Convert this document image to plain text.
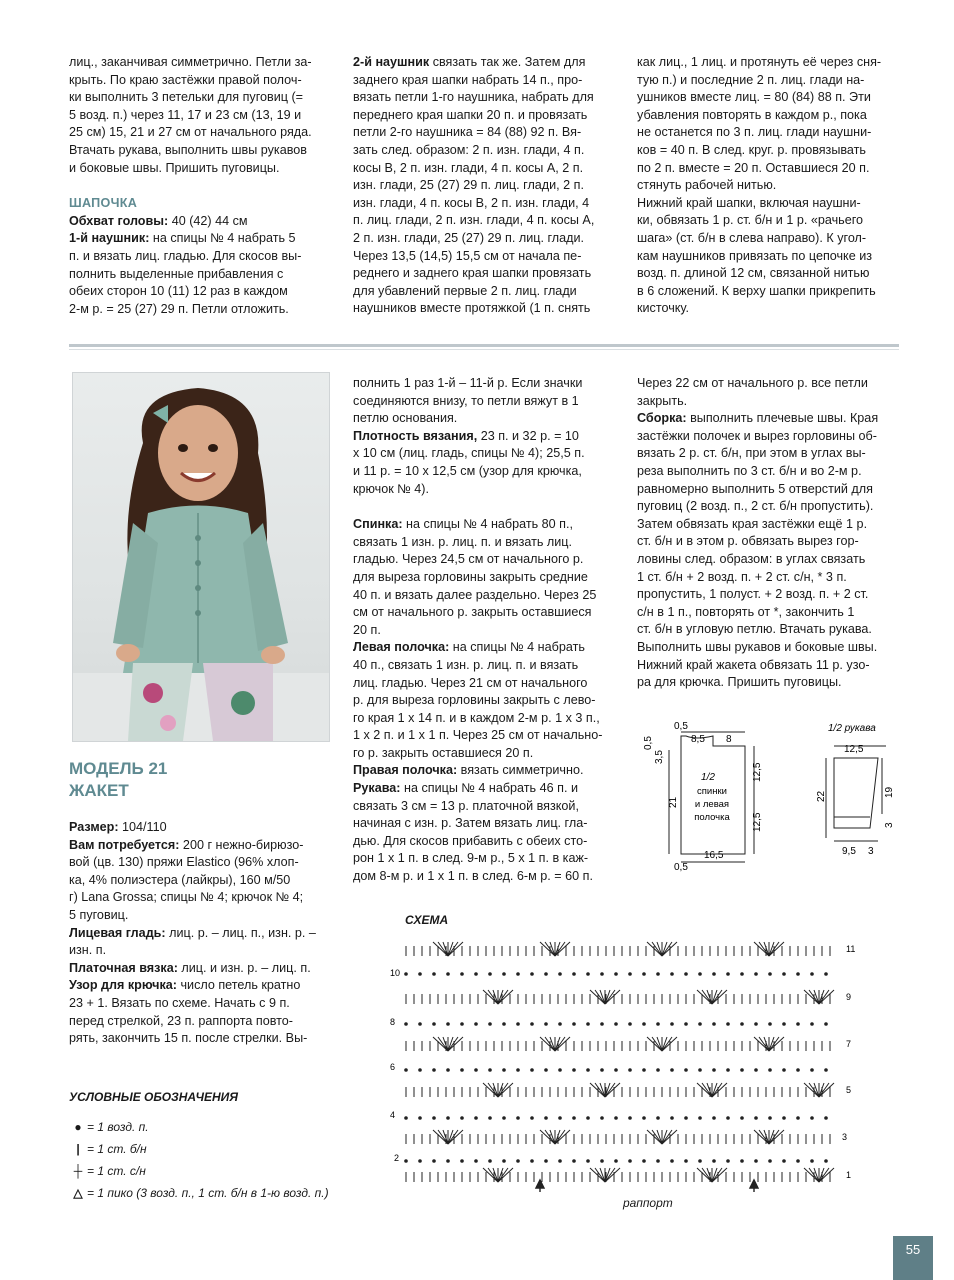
лиц., заканчивая симметрично. Петли за-

крыть. По краю застёжки правой полоч-

ки выполнить 3 петельки для пуговиц (=

5 возд. п.) через 11, 17 и 23 см (13, 19 и

25 см) 15, 21 и 27 см от начального ряда.

Втачать рукава, выполнить швы рукавов

и боковые швы. Пришить пуговицы.

ШАПОЧКА

Обхват головы: 40 (42) 44 см

1-й наушник: на спицы № 4 набрать 5

п. и вязать лиц. гладью. Для скосов вы-

полнить выделенные прибавления с

обеих сторон 10 (11) 12 раз в каждом

2-м р. = 25 (27) 29 п. Петли отложить.

2-й наушник связать так же. Затем для

заднего края шапки набрать 14 п., про-

вязать петли 1-го наушника, набрать для

переднего края шапки 20 п. и провязать

петли 2-го наушника = 84 (88) 92 п. Вя-

зать след. образом: 2 п. изн. глади, 4 п.

косы В, 2 п. изн. глади, 4 п. косы А, 2 п.

изн. глади, 25 (27) 29 п. лиц. глади, 2 п.

изн. глади, 4 п. косы В, 2 п. изн. глади, 4

п. лиц. глади, 2 п. изн. глади, 4 п. косы А,

2 п. изн. глади, 25 (27) 29 п. лиц. глади.

Через 13,5 (14,5) 15,5 см от начала пе-

реднего и заднего края шапки провязать

для убавлений первые 2 п. лиц. глади

наушников вместе протяжкой (1 п. снять

как лиц., 1 лиц. и протянуть её через сня-

тую п.) и последние 2 п. лиц. глади на-

ушников вместе лиц. = 80 (84) 88 п. Эти

убавления повторять в каждом р., пока

не останется по 3 п. лиц. глади наушни-

ков = 40 п. В след. круг. р. провязывать

по 2 п. вместе = 20 п. Оставшиеся 20 п.

стянуть рабочей нитью.

Нижний край шапки, включая наушни-

ки, обвязать 1 р. ст. б/н и 1 р. «рачьего

шага» (ст. б/н в слева направо). К угол-

кам наушников привязать по цепочке из

возд. п. длиной 12 см, связанной нитью

в 6 сложений. К верху шапки прикрепить

кисточку.

МОДЕЛЬ 21
ЖАКЕТ

Размер: 104/110

Вам потребуется: 200 г нежно-бирюзо-

вой (цв. 130) пряжи Elastico (96% хлоп-

ка, 4% полиэстера (лайкры), 160 м/50

г) Lana Grossa; спицы № 4; крючок № 4;

5 пуговиц.

Лицевая гладь: лиц. р. – лиц. п., изн. р. –

изн. п.

Платочная вязка: лиц. и изн. р. – лиц. п.

Узор для крючка: число петель кратно

23 + 1. Вязать по схеме. Начать с 9 п.

перед стрелкой, 23 п. раппорта повто-

рять, закончить 15 п. после стрелки. Вы-

полнить 1 раз 1-й – 11-й р. Если значки

соединяются внизу, то петли вяжут в 1

петлю основания.

Плотность вязания, 23 п. и 32 р. = 10

х 10 см (лиц. гладь, спицы № 4); 25,5 п.

и 11 р. = 10 х 12,5 см (узор для крючка,

крючок № 4).

Спинка: на спицы № 4 набрать 80 п.,

связать 1 изн. р. лиц. п. и вязать лиц.

гладью. Через 24,5 см от начального р.

для выреза горловины закрыть средние

40 п. и вязать далее раздельно. Через 25

см от начального р. закрыть оставшиеся

20 п.

Левая полочка: на спицы № 4 набрать

40 п., связать 1 изн. р. лиц. п. и вязать

лиц. гладью. Через 21 см от начального

р. для выреза горловины закрыть с лево-

го края 1 х 14 п. и в каждом 2-м р. 1 х 3 п.,

1 х 2 п. и 1 х 1 п. Через 25 см от начально-

го р. закрыть оставшиеся 20 п.

Правая полочка: вязать симметрично.

Рукава: на спицы № 4 набрать 46 п. и

связать 3 см = 13 р. платочной вязкой,

начиная с изн. р. Затем вязать лиц. гла-

дью. Для скосов прибавить с обеих сто-

рон 1 х 1 п. в след. 9-м р., 5 х 1 п. в каж-

дом 8-м р. и 1 х 1 п. в след. 6-м р. = 60 п.

Через 22 см от начального р. все петли

закрыть.

Сборка: выполнить плечевые швы. Края

застёжки полочек и вырез горловины об-

вязать 2 р. ст. б/н, при этом в углах вы-

реза выполнить по 3 ст. б/н и во 2-м р.

равномерно выполнить 5 отверстий для

пуговиц (2 возд. п., 2 ст. б/н пропустить).

Затем обвязать края застёжки ещё 1 р.

ст. б/н и в этом р. обвязать вырез гор-

ловины след. образом: в углах связать

1 ст. б/н + 2 возд. п. + 2 ст. с/н, * 3 п.

пропустить, 1 полуст. + 2 возд. п. + 2 ст.

с/н в 1 п., повторять от *, закончить 1

ст. б/н в угловую петлю. Втачать рукава.

Выполнить швы рукавов и боковые швы.

Нижний край жакета обвязать 11 р. узо-

ра для крючка. Пришить пуговицы.

0,5
8,5 8
0,5
3,5
1/2
спинки
и левая
полочка
21
12,5
12,5
16,5
0,5
1/2 рукава
12,5
22	19
3
9,5 3
СХЕМА
11
9
7
5
3
1
10
8
6
4
2
раппорт
УСЛОВНЫЕ ОБОЗНАЧЕНИЯ
● = 1 возд. п.
| = 1 ст. б/н
┼ = 1 ст. с/н
△ = 1 пико (3 возд. п., 1 ст. б/н в 1-ю возд. п.)
55
